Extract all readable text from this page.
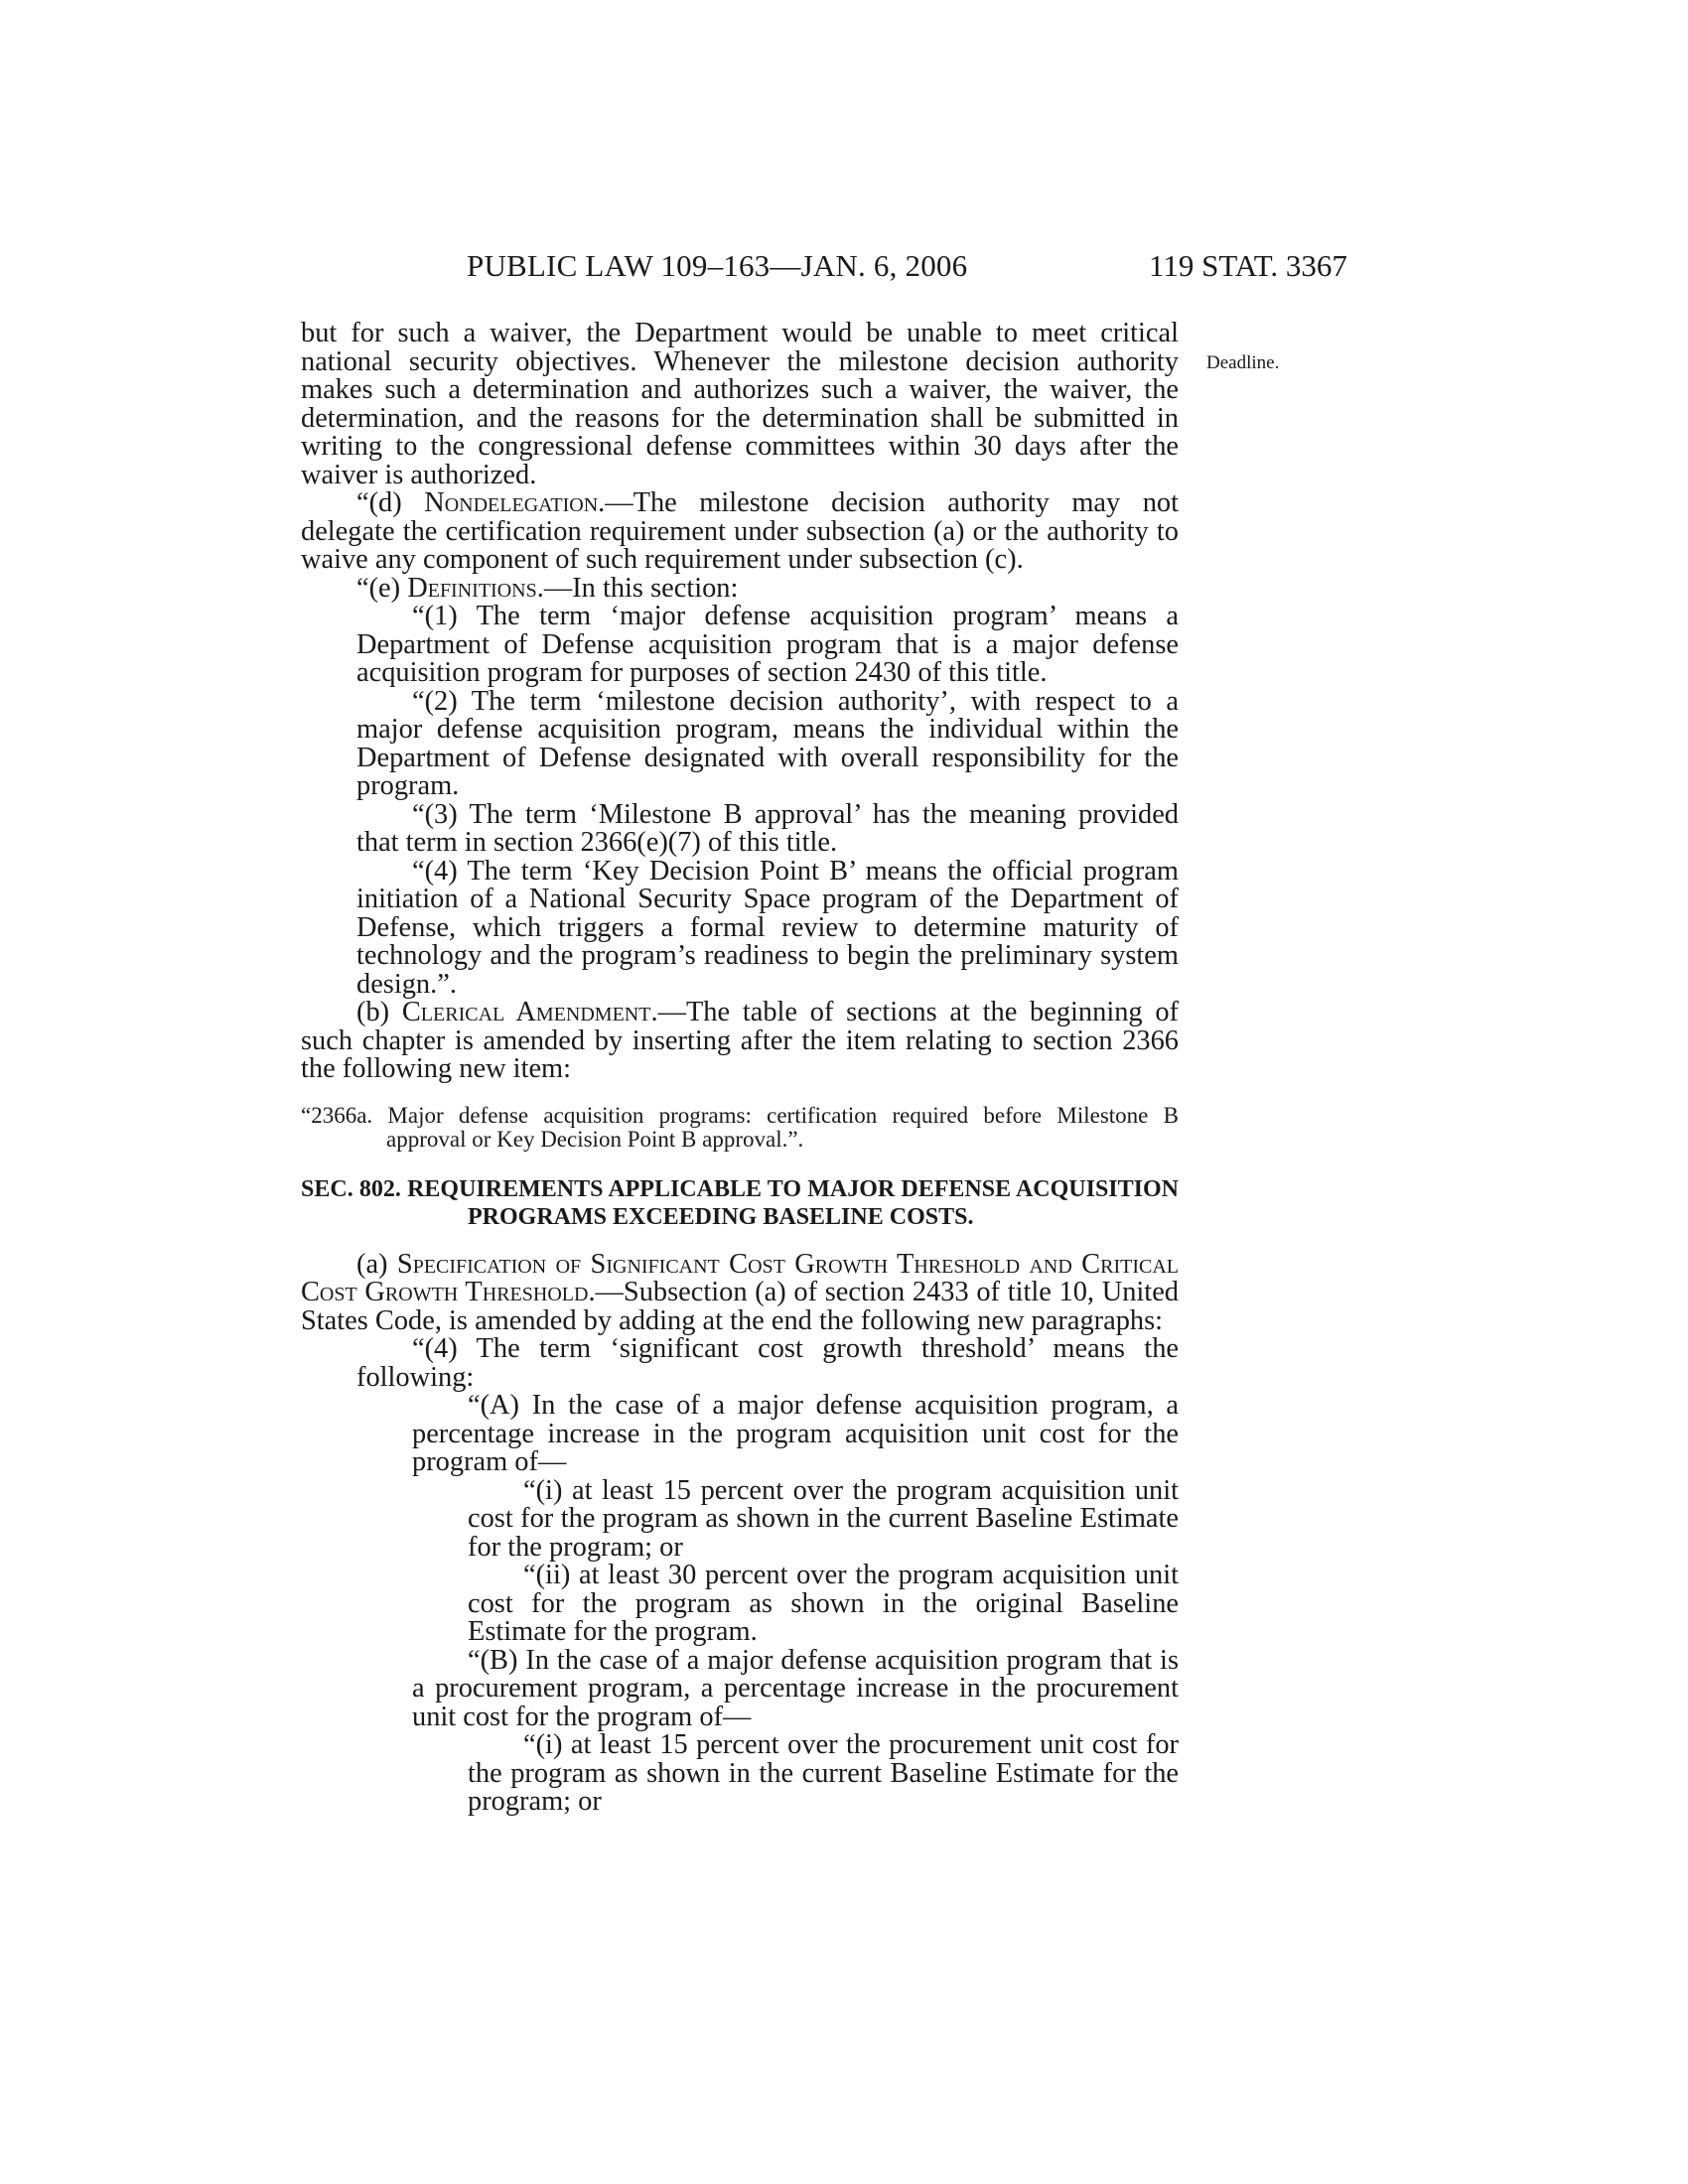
PUBLIC LAW 109–163—JAN. 6, 2006	119 STAT. 3367
Deadline.

but for such a waiver, the Department would be unable to meet critical national security objectives. Whenever the milestone decision authority makes such a determination and authorizes such a waiver, the waiver, the determination, and the reasons for the determination shall be submitted in writing to the congressional defense committees within 30 days after the waiver is authorized.

“(d) Nondelegation.—The milestone decision authority may not delegate the certification requirement under subsection (a) or the authority to waive any component of such requirement under subsection (c).

“(e) Definitions.—In this section:

“(1) The term ‘major defense acquisition program’ means a Department of Defense acquisition program that is a major defense acquisition program for purposes of section 2430 of this title.

“(2) The term ‘milestone decision authority’, with respect to a major defense acquisition program, means the individual within the Department of Defense designated with overall responsibility for the program.

“(3) The term ‘Milestone B approval’ has the meaning provided that term in section 2366(e)(7) of this title.

“(4) The term ‘Key Decision Point B’ means the official program initiation of a National Security Space program of the Department of Defense, which triggers a formal review to determine maturity of technology and the program’s readiness to begin the preliminary system design.”.

(b) Clerical Amendment.—The table of sections at the beginning of such chapter is amended by inserting after the item relating to section 2366 the following new item:

“2366a. Major defense acquisition programs: certification required before Milestone B approval or Key Decision Point B approval.”.

SEC. 802. REQUIREMENTS APPLICABLE TO MAJOR DEFENSE ACQUISITION PROGRAMS EXCEEDING BASELINE COSTS.

(a) Specification of Significant Cost Growth Threshold and Critical Cost Growth Threshold.—Subsection (a) of section 2433 of title 10, United States Code, is amended by adding at the end the following new paragraphs:

“(4) The term ‘significant cost growth threshold’ means the following:

“(A) In the case of a major defense acquisition program, a percentage increase in the program acquisition unit cost for the program of—

“(i) at least 15 percent over the program acquisition unit cost for the program as shown in the current Baseline Estimate for the program; or

“(ii) at least 30 percent over the program acquisition unit cost for the program as shown in the original Baseline Estimate for the program.

“(B) In the case of a major defense acquisition program that is a procurement program, a percentage increase in the procurement unit cost for the program of—

“(i) at least 15 percent over the procurement unit cost for the program as shown in the current Baseline Estimate for the program; or
